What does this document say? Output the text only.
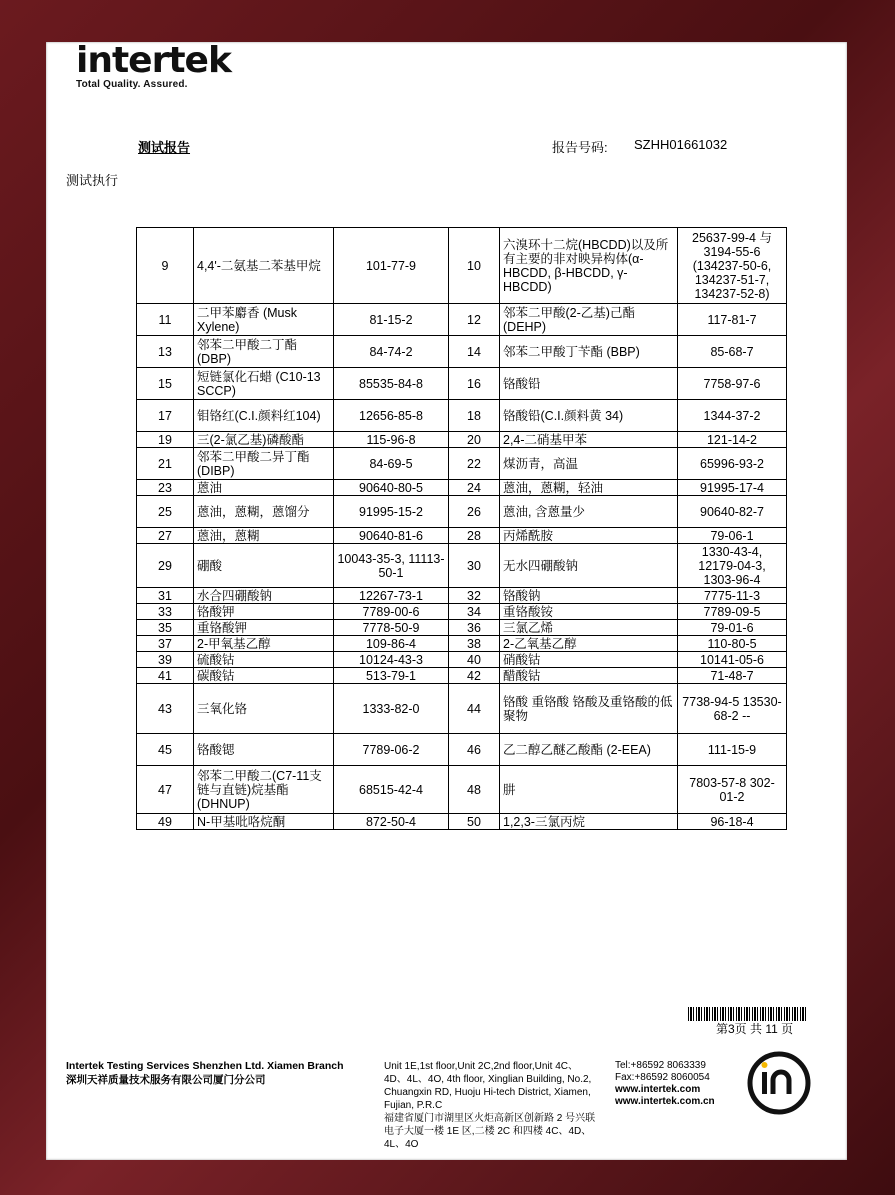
intertek
Total Quality. Assured.
测试报告	报告号码: SZHH01661032
测试执行
9	4,4'-二氨基二苯基甲烷	101-77-9	10	六溴环十二烷(HBCDD)以及所有主要的非对映异构体(α-HBCDD, β-HBCDD, γ-HBCDD)	25637-99-4 与 3194-55-6 (134237-50-6, 134237-51-7, 134237-52-8)
11	二甲苯麝香 (Musk Xylene)	81-15-2	12	邻苯二甲酸(2-乙基)己酯 (DEHP)	117-81-7
13	邻苯二甲酸二丁酯 (DBP)	84-74-2	14	邻苯二甲酸丁苄酯 (BBP)	85-68-7
15	短链氯化石蜡 (C10-13 SCCP)	85535-84-8	16	铬酸铅	7758-97-6
17	钼铬红(C.I.颜料红104)	12656-85-8	18	铬酸铅(C.I.颜料黄 34)	1344-37-2
19	三(2-氯乙基)磷酸酯	115-96-8	20	2,4-二硝基甲苯	121-14-2
21	邻苯二甲酸二异丁酯 (DIBP)	84-69-5	22	煤沥青，高温	65996-93-2
23	蒽油	90640-80-5	24	蒽油，蒽糊，轻油	91995-17-4
25	蒽油，蒽糊，蒽馏分	91995-15-2	26	蒽油, 含蒽量少	90640-82-7
27	蒽油，蒽糊	90640-81-6	28	丙烯酰胺	79-06-1
29	硼酸	10043-35-3, 11113-50-1	30	无水四硼酸钠	1330-43-4, 12179-04-3, 1303-96-4
31	水合四硼酸钠	12267-73-1	32	铬酸钠	7775-11-3
33	铬酸钾	7789-00-6	34	重铬酸铵	7789-09-5
35	重铬酸钾	7778-50-9	36	三氯乙烯	79-01-6
37	2-甲氧基乙醇	109-86-4	38	2-乙氧基乙醇	110-80-5
39	硫酸钴	10124-43-3	40	硝酸钴	10141-05-6
41	碳酸钴	513-79-1	42	醋酸钴	71-48-7
43	三氧化铬	1333-82-0	44	铬酸 重铬酸 铬酸及重铬酸的低聚物	7738-94-5 13530-68-2 --
45	铬酸锶	7789-06-2	46	乙二醇乙醚乙酸酯 (2-EEA)	111-15-9
47	邻苯二甲酸二(C7-11支链与直链)烷基酯 (DHNUP)	68515-42-4	48	肼	7803-57-8 302-01-2
49	N-甲基吡咯烷酮	872-50-4	50	1,2,3-三氯丙烷	96-18-4
第3页 共 11 页
Intertek Testing Services Shenzhen Ltd. Xiamen Branch
深圳天祥质量技术服务有限公司厦门分公司
Unit 1E,1st floor,Unit 2C,2nd floor,Unit 4C、4D、4L、4O, 4th floor, Xinglian Building, No.2, Chuangxin RD, Huoju Hi-tech District, Xiamen, Fujian, P.R.C
福建省厦门市湖里区火炬高新区创新路 2 号兴联电子大厦一楼 1E 区,二楼 2C 和四楼 4C、4D、4L、4O
Tel:+86592 8063339
Fax:+86592 8060054
www.intertek.com
www.intertek.com.cn
